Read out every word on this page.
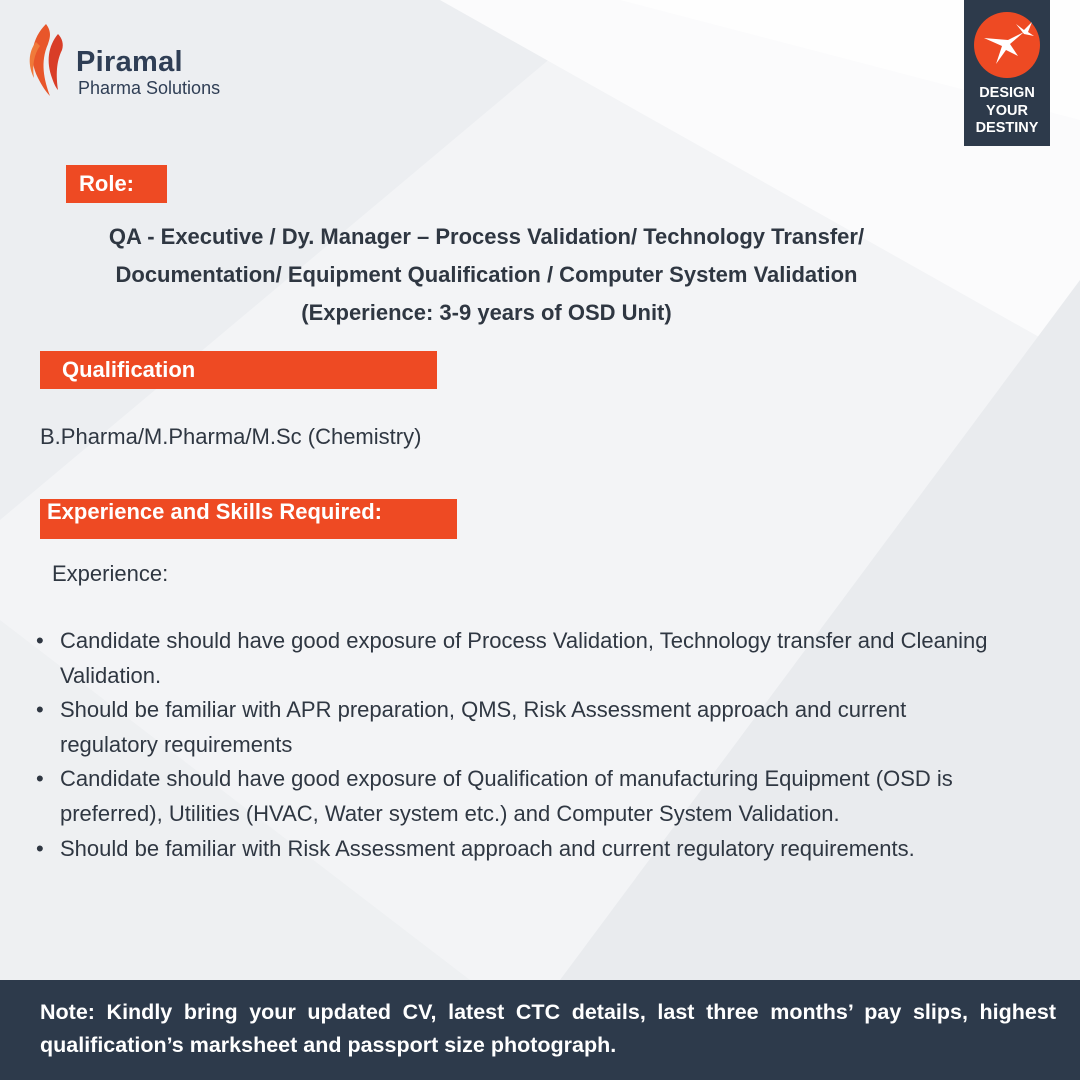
Piramal
Pharma Solutions	DESIGN
YOUR
DESTINY
Role:
QA - Executive / Dy. Manager – Process Validation/ Technology Transfer/
Documentation/ Equipment Qualification / Computer System Validation
(Experience: 3-9 years of OSD Unit)
Qualification
B.Pharma/M.Pharma/M.Sc (Chemistry)
Experience and Skills Required:
Experience:
• Candidate should have good exposure of Process Validation, Technology transfer and Cleaning Validation.
• Should be familiar with APR preparation, QMS, Risk Assessment approach and current regulatory requirements
• Candidate should have good exposure of Qualification of manufacturing Equipment (OSD is preferred), Utilities (HVAC, Water system etc.) and Computer System Validation.
• Should be familiar with Risk Assessment approach and current regulatory requirements.
Note: Kindly bring your updated CV, latest CTC details, last three months’ pay slips, highest qualification’s marksheet and passport size photograph.
